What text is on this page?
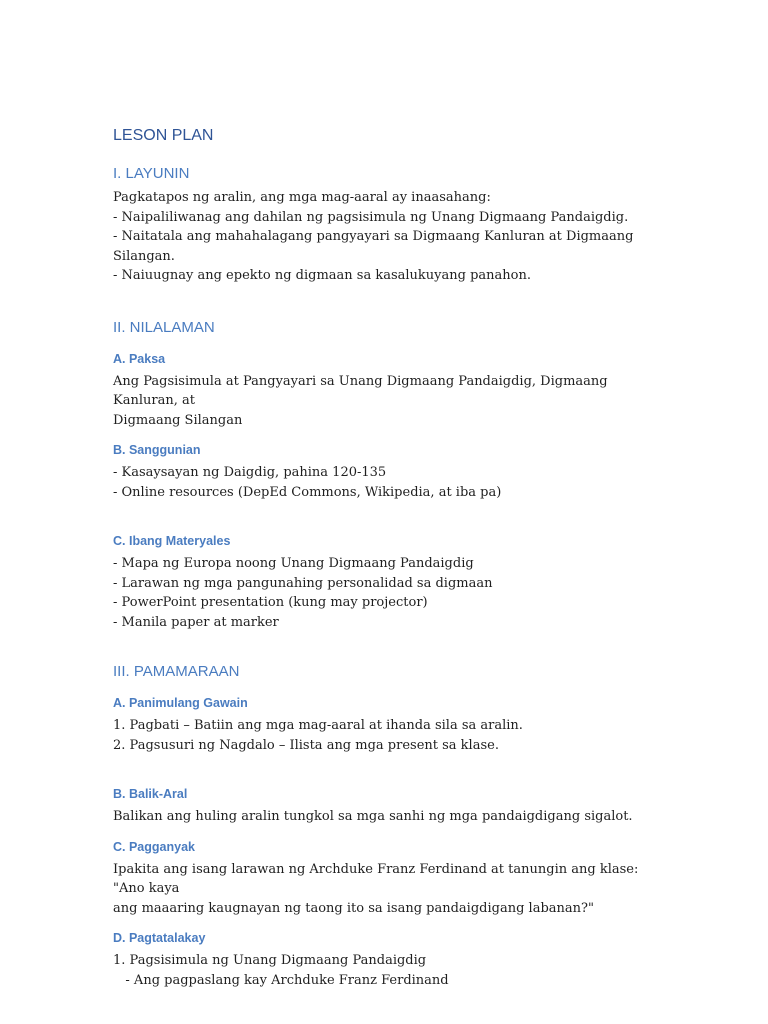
LESON PLAN
I. LAYUNIN

Pagkatapos ng aralin, ang mga mag-aaral ay inaasahang:

- Naipaliliwanag ang dahilan ng pagsisimula ng Unang Digmaang Pandaigdig.

- Naitatala ang mahahalagang pangyayari sa Digmaang Kanluran at Digmaang Silangan.

- Naiuugnay ang epekto ng digmaan sa kasalukuyang panahon.

II. NILALAMAN
A. Paksa

Ang Pagsisimula at Pangyayari sa Unang Digmaang Pandaigdig, Digmaang Kanluran, at

Digmaang Silangan

B. Sanggunian

- Kasaysayan ng Daigdig, pahina 120-135

- Online resources (DepEd Commons, Wikipedia, at iba pa)

C. Ibang Materyales

- Mapa ng Europa noong Unang Digmaang Pandaigdig

- Larawan ng mga pangunahing personalidad sa digmaan

- PowerPoint presentation (kung may projector)

- Manila paper at marker

III. PAMAMARAAN
A. Panimulang Gawain

1. Pagbati – Batiin ang mga mag-aaral at ihanda sila sa aralin.

2. Pagsusuri ng Nagdalo – Ilista ang mga present sa klase.

B. Balik-Aral

Balikan ang huling aralin tungkol sa mga sanhi ng mga pandaigdigang sigalot.

C. Pagganyak

Ipakita ang isang larawan ng Archduke Franz Ferdinand at tanungin ang klase: "Ano kaya

ang maaaring kaugnayan ng taong ito sa isang pandaigdigang labanan?"

D. Pagtatalakay

1. Pagsisimula ng Unang Digmaang Pandaigdig

- Ang pagpaslang kay Archduke Franz Ferdinand
